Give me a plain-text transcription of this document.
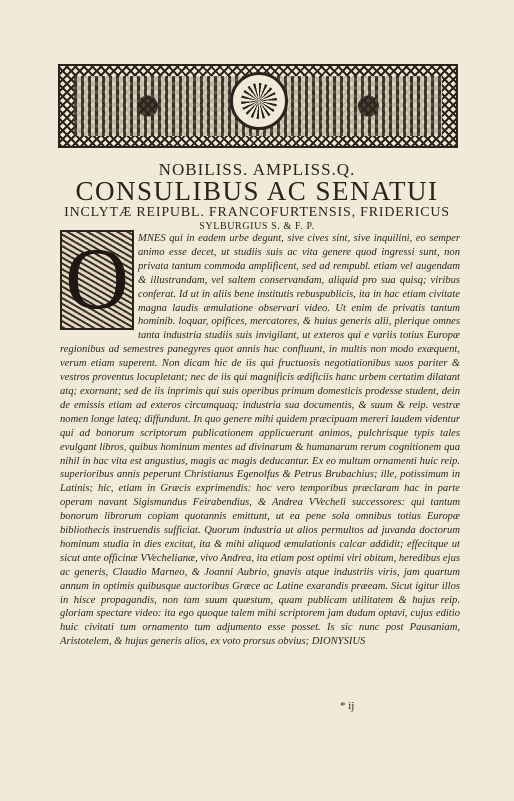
NOBILISS. AMPLISS.Q.
CONSULIBUS AC SENATUI
INCLYTÆ REIPUBL. FRANCOFURTENSIS, FRIDERICUS
SYLBURGIUS S. & F. P.
O MNES qui in eadem urbe degunt, sive cives sint, sive inquilini, eo semper animo esse decet, ut studiis suis ac vita genere quod ingressi sunt, non privata tantum commoda amplificent, sed ad rempubl. etiam vel augendam & illustrandam, vel saltem conservandam, aliquid pro sua quisq; viribus conferat. Id ut in aliis bene institutis rebuspublicis, ita in hac etiam civitate magna laudis æmulatione observari video. Ut enim de privatis tantum hominib. loquar, opifices, mercatores, & huius generis alii, plerique omnes tanta industria studiis suis invigilant, ut exteros qui e variis totius Europæ regionibus ad semestres panegyres quot annis huc confluunt, in multis non modo exæquent, verum etiam superent. Non dicam hic de iis qui fructuosis negotiationibus suos pariter & vestros proventus locupletant; nec de iis qui magnificis ædificiis hanc urbem certatim dilatant atq; exornant; sed de iis inprimis qui suis operibus primum domesticis prodesse student, dein de emissis etiam ad exteros circumquaq; industria sua documentis, & suum & reip. vestræ nomen longe lateq; diffundunt. In quo genere mihi quidem præcipuam mereri laudem videntur qui ad bonorum scriptorum publicationem applicuerunt animos, pulchrisque typis tales evulgant libros, quibus hominum mentes ad divinarum & humanarum rerum cognitionem qua nihil in hac vita est angustius, magis ac magis deducantur. Ex eo multum ornamenti huic reip. superioribus annis peperunt Christianus Egenolfus & Petrus Brubachius; ille, potissimum in Latinis; hic, etiam in Græcis exprimendis: hoc vero temporibus præclaram hac in parte operam navant Sigismundus Feirabendius, & Andrea VVecheli successores: qui tantum bonorum librorum copiam quotannis emittunt, ut ea pene sola omnibus totius Europæ bibliothecis instruendis sufficiat. Quorum industria ut alios permultos ad juvanda doctorum hominum studia in dies excitat, ita & mihi aliquod æmulationis calcar addidit; effecitque ut sicut ante officinæ VVechelianæ, vivo Andrea, ita etiam post optimi viri obitum, heredibus ejus ac generis, Claudio Marneo, & Joanni Aubrio, gnavis atque industriis viris, jam quartum annum in optimis quibusque auctoribus Græce ac Latine exarandis præeam. Sicut igitur illos in hisce propagandis, non tam suum quæstum, quam publicam utilitatem & hujus reip. gloriam spectare video: ita ego quoque talem mihi scriptorem jam dudum optavi, cujus editio huic civitati tum ornamento tum adjumento esse posset. Is sic nunc post Pausaniam, Aristotelem, & hujus generis alios, ex voto prorsus obvius; DIONYSIUS
* ij
